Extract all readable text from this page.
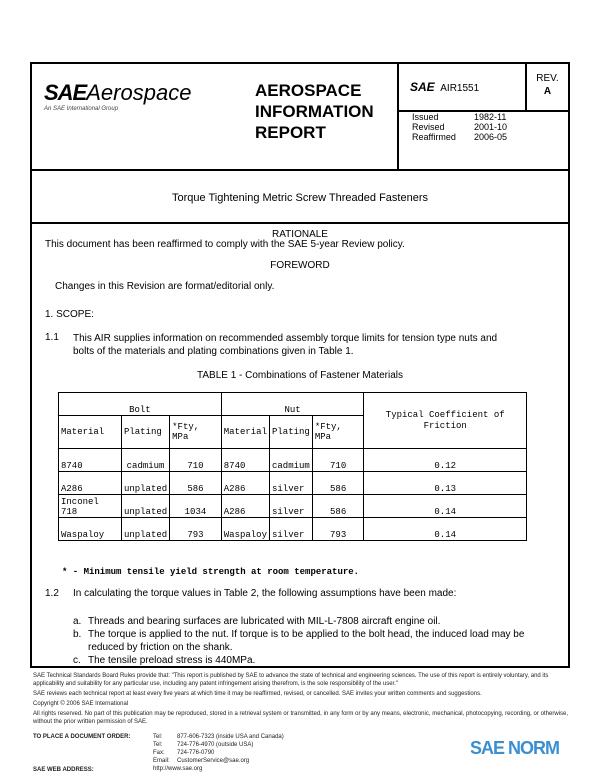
SAEAerospace
An SAE International Group
AEROSPACE
INFORMATION
REPORT
SAE AIR1551
REV.
A
Issued	1982-11
Revised	2001-10
Reaffirmed 2006-05
Torque Tightening Metric Screw Threaded Fasteners
RATIONALE
This document has been reaffirmed to comply with the SAE 5-year Review policy.
FOREWORD
Changes in this Revision are format/editorial only.
1. SCOPE:
1.1 This AIR supplies information on recommended assembly torque limits for tension type nuts and
bolts of the materials and plating combinations given in Table 1.
TABLE 1 - Combinations of Fastener Materials
Bolt			Nut			Typical Coefficient of Friction
Material	Plating	*Fty, MPa	Material	Plating	*Fty, MPa	
8740	cadmium	710	8740	cadmium	710	0.12
A286	unplated	586	A286	silver	586	0.13
Inconel 718	unplated	1034	A286	silver	586	0.14
Waspaloy	unplated	793	Waspaloy	silver	793	0.14
* - Minimum tensile yield strength at room temperature.
1.2 In calculating the torque values in Table 2, the following assumptions have been made:
a. Threads and bearing surfaces are lubricated with MIL-L-7808 aircraft engine oil.
b. The torque is applied to the nut. If torque is to be applied to the bolt head, the induced load may be reduced by friction on the shank.
c. The tensile preload stress is 440MPa.
SAE Technical Standards Board Rules provide that: "This report is published by SAE to advance the state of technical and engineering sciences. The use of this report is entirely voluntary, and its applicability and suitability for any particular use, including any patent infringement arising therefrom, is the sole responsibility of the user."
SAE reviews each technical report at least every five years at which time it may be reaffirmed, revised, or cancelled. SAE invites your written comments and suggestions.
Copyright © 2006 SAE International
All rights reserved. No part of this publication may be reproduced, stored in a retrieval system or transmitted, in any form or by any means, electronic, mechanical, photocopying, recording, or otherwise, without the prior written permission of SAE.
TO PLACE A DOCUMENT ORDER:
SAE WEB ADDRESS:
Tel: 877-606-7323 (inside USA and Canada)
Tel: 724-776-4970 (outside USA)
Fax: 724-776-0790
Email: CustomerService@sae.org
http://www.sae.org
SAE NORM
